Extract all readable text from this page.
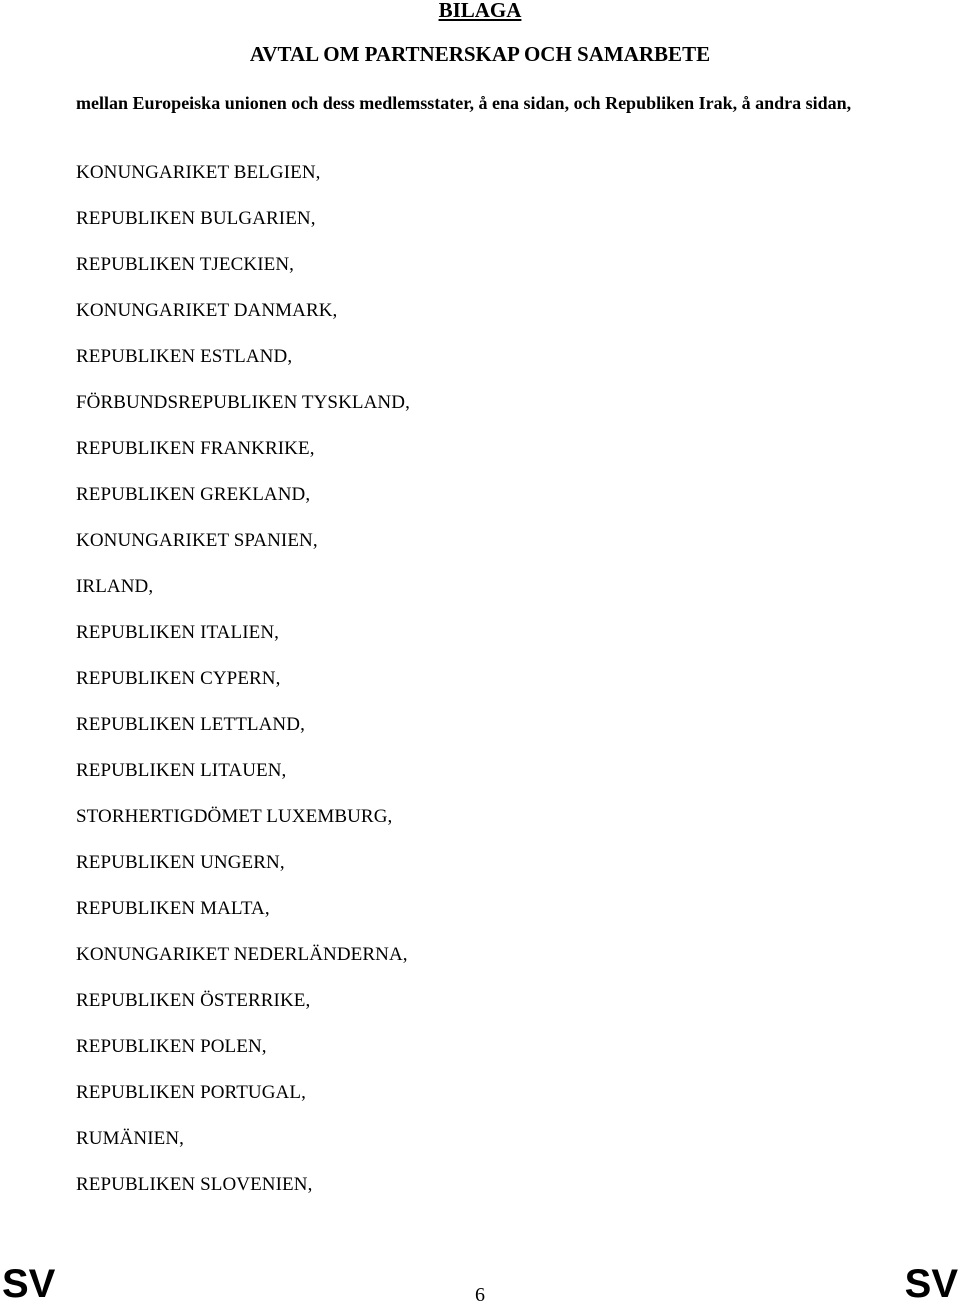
BILAGA
AVTAL OM PARTNERSKAP OCH SAMARBETE
mellan Europeiska unionen och dess medlemsstater, å ena sidan, och Republiken Irak, å andra sidan,
KONUNGARIKET BELGIEN,
REPUBLIKEN BULGARIEN,
REPUBLIKEN TJECKIEN,
KONUNGARIKET DANMARK,
REPUBLIKEN ESTLAND,
FÖRBUNDSREPUBLIKEN TYSKLAND,
REPUBLIKEN FRANKRIKE,
REPUBLIKEN GREKLAND,
KONUNGARIKET SPANIEN,
IRLAND,
REPUBLIKEN ITALIEN,
REPUBLIKEN CYPERN,
REPUBLIKEN LETTLAND,
REPUBLIKEN LITAUEN,
STORHERTIGDÖMET LUXEMBURG,
REPUBLIKEN UNGERN,
REPUBLIKEN MALTA,
KONUNGARIKET NEDERLÄNDERNA,
REPUBLIKEN ÖSTERRIKE,
REPUBLIKEN POLEN,
REPUBLIKEN PORTUGAL,
RUMÄNIEN,
REPUBLIKEN SLOVENIEN,
SV	6	SV
